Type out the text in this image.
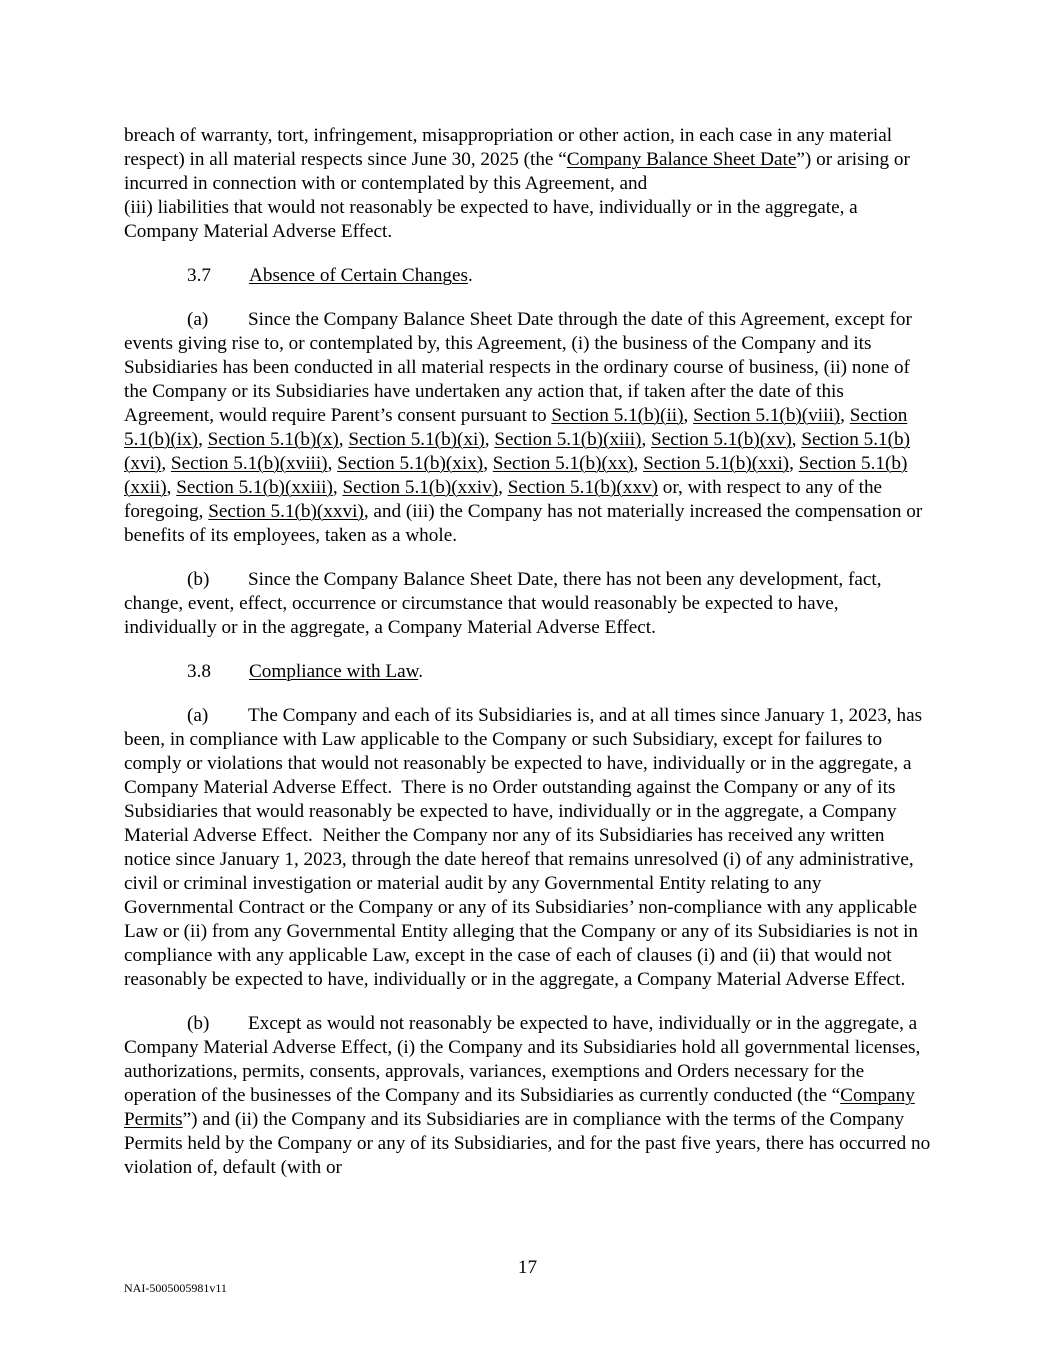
breach of warranty, tort, infringement, misappropriation or other action, in each case in any material respect) in all material respects since June 30, 2025 (the “Company Balance Sheet Date”) or arising or incurred in connection with or contemplated by this Agreement, and
(iii) liabilities that would not reasonably be expected to have, individually or in the aggregate, a Company Material Adverse Effect.

3.7 Absence of Certain Changes.

(a) Since the Company Balance Sheet Date through the date of this Agreement, except for events giving rise to, or contemplated by, this Agreement, (i) the business of the Company and its Subsidiaries has been conducted in all material respects in the ordinary course of business, (ii) none of the Company or its Subsidiaries have undertaken any action that, if taken after the date of this Agreement, would require Parent’s consent pursuant to Section 5.1(b)(ii), Section 5.1(b)(viii), Section 5.1(b)(ix), Section 5.1(b)(x), Section 5.1(b)(xi), Section 5.1(b)(xiii), Section 5.1(b)(xv), Section 5.1(b)(xvi), Section 5.1(b)(xviii), Section 5.1(b)(xix), Section 5.1(b)(xx), Section 5.1(b)(xxi), Section 5.1(b)(xxii), Section 5.1(b)(xxiii), Section 5.1(b)(xxiv), Section 5.1(b)(xxv) or, with respect to any of the foregoing, Section 5.1(b)(xxvi), and (iii) the Company has not materially increased the compensation or benefits of its employees, taken as a whole.

(b) Since the Company Balance Sheet Date, there has not been any development, fact, change, event, effect, occurrence or circumstance that would reasonably be expected to have, individually or in the aggregate, a Company Material Adverse Effect.

3.8 Compliance with Law.

(a) The Company and each of its Subsidiaries is, and at all times since January 1, 2023, has been, in compliance with Law applicable to the Company or such Subsidiary, except for failures to comply or violations that would not reasonably be expected to have, individually or in the aggregate, a Company Material Adverse Effect.  There is no Order outstanding against the Company or any of its Subsidiaries that would reasonably be expected to have, individually or in the aggregate, a Company Material Adverse Effect.  Neither the Company nor any of its Subsidiaries has received any written notice since January 1, 2023, through the date hereof that remains unresolved (i) of any administrative, civil or criminal investigation or material audit by any Governmental Entity relating to any Governmental Contract or the Company or any of its Subsidiaries’ non-compliance with any applicable Law or (ii) from any Governmental Entity alleging that the Company or any of its Subsidiaries is not in compliance with any applicable Law, except in the case of each of clauses (i) and (ii) that would not reasonably be expected to have, individually or in the aggregate, a Company Material Adverse Effect.

(b) Except as would not reasonably be expected to have, individually or in the aggregate, a Company Material Adverse Effect, (i) the Company and its Subsidiaries hold all governmental licenses, authorizations, permits, consents, approvals, variances, exemptions and Orders necessary for the operation of the businesses of the Company and its Subsidiaries as currently conducted (the “Company Permits”) and (ii) the Company and its Subsidiaries are in compliance with the terms of the Company Permits held by the Company or any of its Subsidiaries, and for the past five years, there has occurred no violation of, default (with or

17
NAI-5005005981v11
